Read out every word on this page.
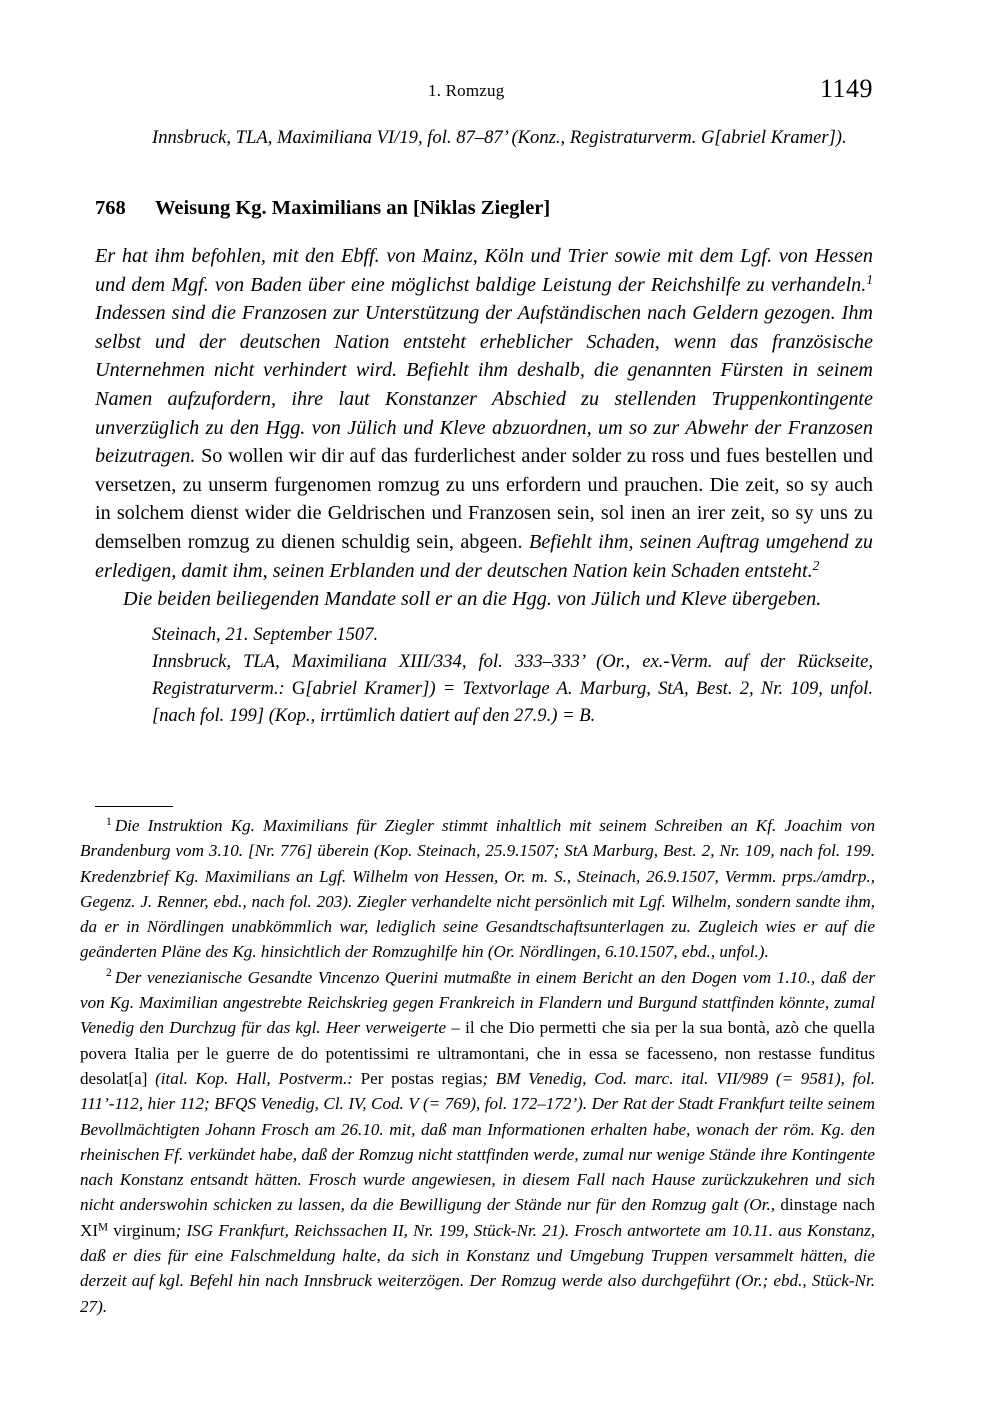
1. Romzug	1149
Innsbruck, TLA, Maximiliana VI/19, fol. 87–87’ (Konz., Registraturverm. G[abriel Kramer]).
768 Weisung Kg. Maximilians an [Niklas Ziegler]

Er hat ihm befohlen, mit den Ebff. von Mainz, Köln und Trier sowie mit dem Lgf. von Hessen und dem Mgf. von Baden über eine möglichst baldige Leistung der Reichshilfe zu verhandeln.$^1$ Indessen sind die Franzosen zur Unterstützung der Aufständischen nach Geldern gezogen. Ihm selbst und der deutschen Nation entsteht erheblicher Schaden, wenn das französische Unternehmen nicht verhindert wird. Befiehlt ihm deshalb, die genannten Fürsten in seinem Namen aufzufordern, ihre laut Konstanzer Abschied zu stellenden Truppenkontingente unverzüglich zu den Hgg. von Jülich und Kleve abzuordnen, um so zur Abwehr der Franzosen beizutragen. So wollen wir dir auf das furderlichest ander solder zu ross und fues bestellen und versetzen, zu unserm furgenomen romzug zu uns erfordern und prauchen. Die zeit, so sy auch in solchem dienst wider die Geldrischen und Franzosen sein, sol inen an irer zeit, so sy uns zu demselben romzug zu dienen schuldig sein, abgeen. Befiehlt ihm, seinen Auftrag umgehend zu erledigen, damit ihm, seinen Erblanden und der deutschen Nation kein Schaden entsteht.$^2$

Die beiden beiliegenden Mandate soll er an die Hgg. von Jülich und Kleve übergeben.

Steinach, 21. September 1507.
Innsbruck, TLA, Maximiliana XIII/334, fol. 333–333’ (Or., ex.-Verm. auf der Rückseite, Registraturverm.: G[abriel Kramer]) = Textvorlage A. Marburg, StA, Best. 2, Nr. 109, unfol. [nach fol. 199] (Kop., irrtümlich datiert auf den 27.9.) = B.

$^1$ Die Instruktion Kg. Maximilians für Ziegler stimmt inhaltlich mit seinem Schreiben an Kf. Joachim von Brandenburg vom 3.10. [Nr. 776] überein (Kop. Steinach, 25.9.1507; StA Marburg, Best. 2, Nr. 109, nach fol. 199. Kredenzbrief Kg. Maximilians an Lgf. Wilhelm von Hessen, Or. m. S., Steinach, 26.9.1507, Vermm. prps./amdrp., Gegenz. J. Renner, ebd., nach fol. 203). Ziegler verhandelte nicht persönlich mit Lgf. Wilhelm, sondern sandte ihm, da er in Nördlingen unabkömmlich war, lediglich seine Gesandtschaftsunterlagen zu. Zugleich wies er auf die geänderten Pläne des Kg. hinsichtlich der Romzughilfe hin (Or. Nördlingen, 6.10.1507, ebd., unfol.).

$^2$ Der venezianische Gesandte Vincenzo Querini mutmaßte in einem Bericht an den Dogen vom 1.10., daß der von Kg. Maximilian angestrebte Reichskrieg gegen Frankreich in Flandern und Burgund stattfinden könnte, zumal Venedig den Durchzug für das kgl. Heer verweigerte – il che Dio permetti che sia per la sua bontà, azò che quella povera Italia per le guerre de do potentissimi re ultramontani, che in essa se facesseno, non restasse funditus desolat[a] (ital. Kop. Hall, Postverm.: Per postas regias; BM Venedig, Cod. marc. ital. VII/989 (= 9581), fol. 111’-112, hier 112; BFQS Venedig, Cl. IV, Cod. V (= 769), fol. 172–172’). Der Rat der Stadt Frankfurt teilte seinem Bevollmächtigten Johann Frosch am 26.10. mit, daß man Informationen erhalten habe, wonach der röm. Kg. den rheinischen Ff. verkündet habe, daß der Romzug nicht stattfinden werde, zumal nur wenige Stände ihre Kontingente nach Konstanz entsandt hätten. Frosch wurde angewiesen, in diesem Fall nach Hause zurückzukehren und sich nicht anderswohin schicken zu lassen, da die Bewilligung der Stände nur für den Romzug galt (Or., dinstage nach $XI^M$ virginum; ISG Frankfurt, Reichssachen II, Nr. 199, Stück-Nr. 21). Frosch antwortete am 10.11. aus Konstanz, daß er dies für eine Falschmeldung halte, da sich in Konstanz und Umgebung Truppen versammelt hätten, die derzeit auf kgl. Befehl hin nach Innsbruck weiterzögen. Der Romzug werde also durchgeführt (Or.; ebd., Stück-Nr. 27).
